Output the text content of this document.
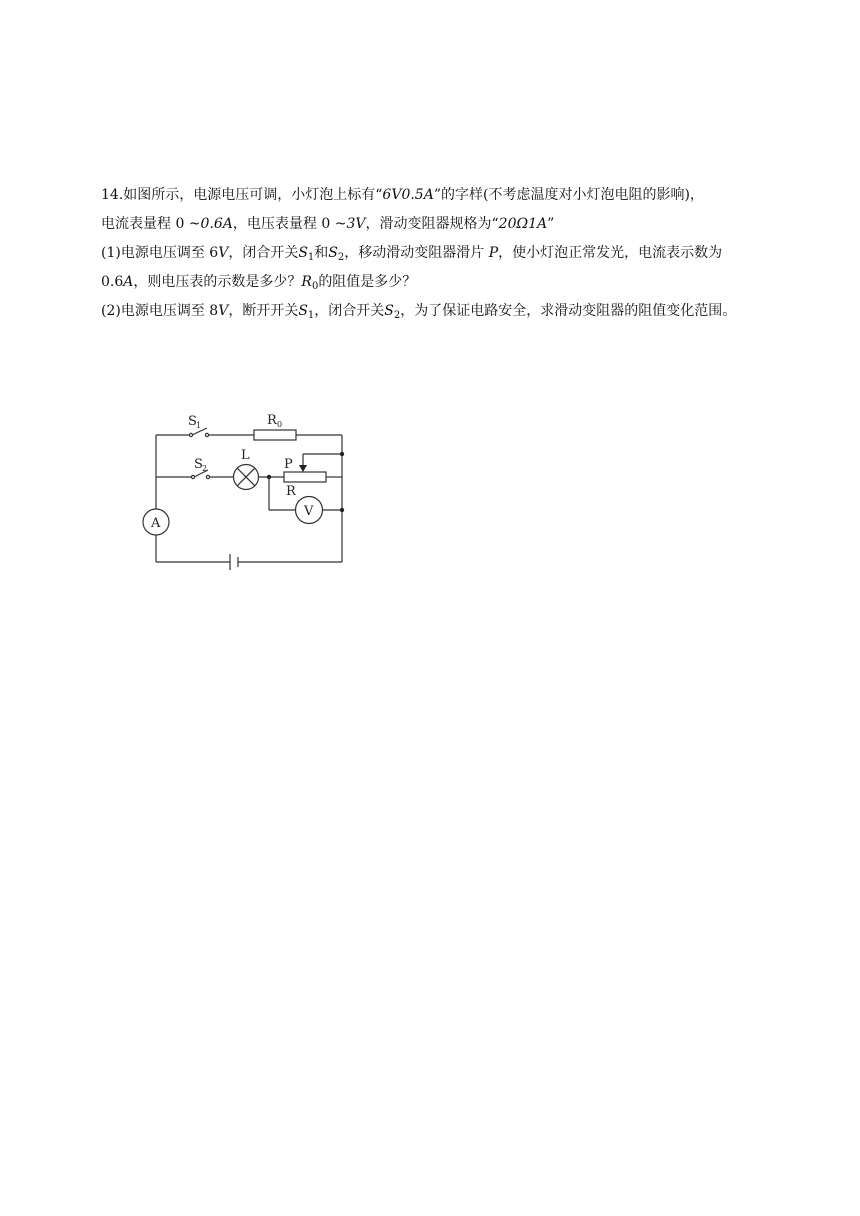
14.如图所示，电源电压可调，小灯泡上标有“6V0.5A”的字样(不考虑温度对小灯泡电阻的影响)，

电流表量程 0 ~0.6A，电压表量程 0 ~3V，滑动变阻器规格为“20Ω1A”

(1)电源电压调至 6V，闭合开关$S_1$和$S_2$，移动滑动变阻器滑片 P，使小灯泡正常发光，电流表示数为

0.6A，则电压表的示数是多少？$R_0$的阻值是多少？

(2)电源电压调至 8V，断开开关$S_1$，闭合开关$S_2$，为了保证电路安全，求滑动变阻器的阻值变化范围。

S 1
S 2
R 0
L
P
R
V
A
